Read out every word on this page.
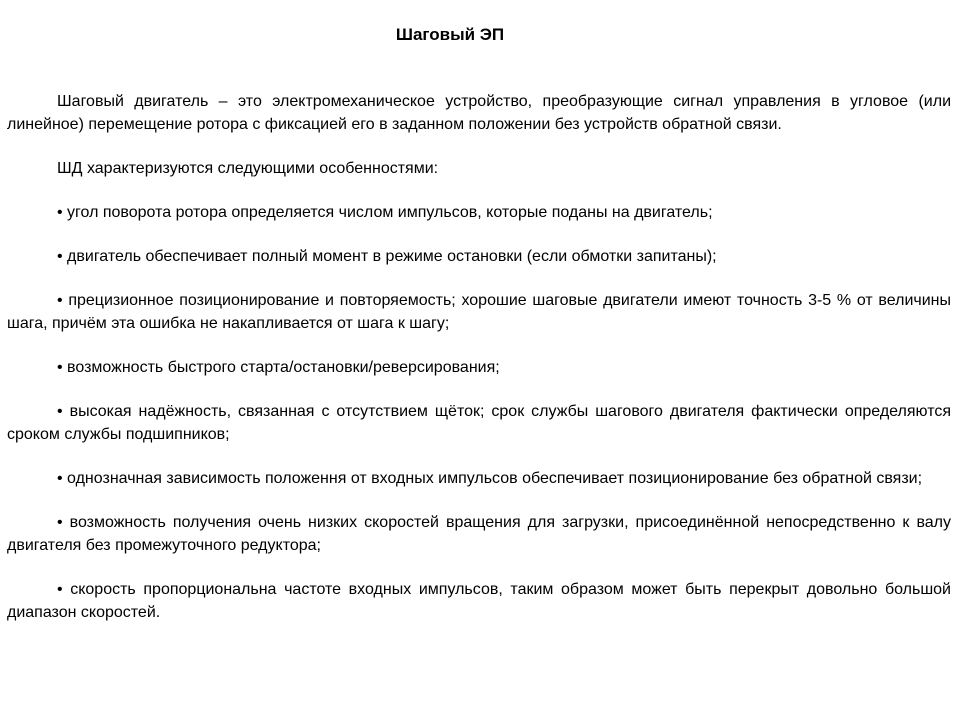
Шаговый ЭП

Шаговый двигатель – это электромеханическое устройство, преобразующие сигнал управления в угловое (или линейное) перемещение ротора с фиксацией его в заданном положении без устройств обратной связи.

ШД характеризуются следующими особенностями:

• угол поворота ротора определяется числом импульсов, которые поданы на двигатель;

• двигатель обеспечивает полный момент в режиме остановки (если обмотки запитаны);

• прецизионное позиционирование и повторяемость; хорошие шаговые двигатели имеют точность 3-5 % от величины шага, причём эта ошибка не накапливается от шага к шагу;

• возможность быстрого старта/остановки/реверсирования;

• высокая надёжность, связанная с отсутствием щёток; срок службы шагового двигателя фактически определяются сроком службы подшипников;

• однозначная зависимость положення от входных импульсов обеспечивает позиционирование без обратной связи;

• возможность получения очень низких скоростей вращения для загрузки, присоединённой непосредственно к валу двигателя без промежуточного редуктора;

• скорость пропорциональна частоте входных импульсов, таким образом может быть перекрыт довольно большой диапазон скоростей.
